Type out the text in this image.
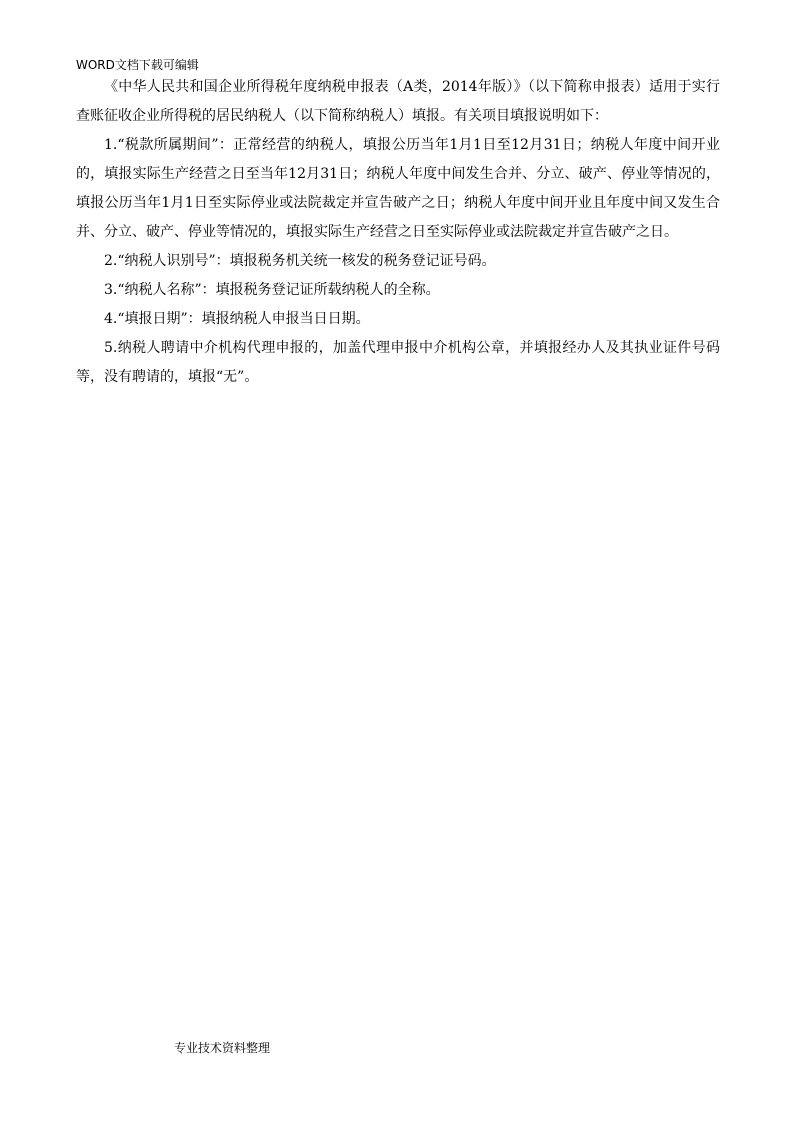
WORD文档下载可编辑

《中华人民共和国企业所得税年度纳税申报表（A类，2014年版）》（以下简称申报表）适用于实行查账征收企业所得税的居民纳税人（以下简称纳税人）填报。有关项目填报说明如下：

1.“税款所属期间”：正常经营的纳税人，填报公历当年1月1日至12月31日；纳税人年度中间开业的，填报实际生产经营之日至当年12月31日；纳税人年度中间发生合并、分立、破产、停业等情况的，填报公历当年1月1日至实际停业或法院裁定并宣告破产之日；纳税人年度中间开业且年度中间又发生合并、分立、破产、停业等情况的，填报实际生产经营之日至实际停业或法院裁定并宣告破产之日。

2.“纳税人识别号”：填报税务机关统一核发的税务登记证号码。

3.“纳税人名称”：填报税务登记证所载纳税人的全称。

4.“填报日期”：填报纳税人申报当日日期。

5.纳税人聘请中介机构代理申报的，加盖代理申报中介机构公章，并填报经办人及其执业证件号码等，没有聘请的，填报“无”。

专业技术资料整理
